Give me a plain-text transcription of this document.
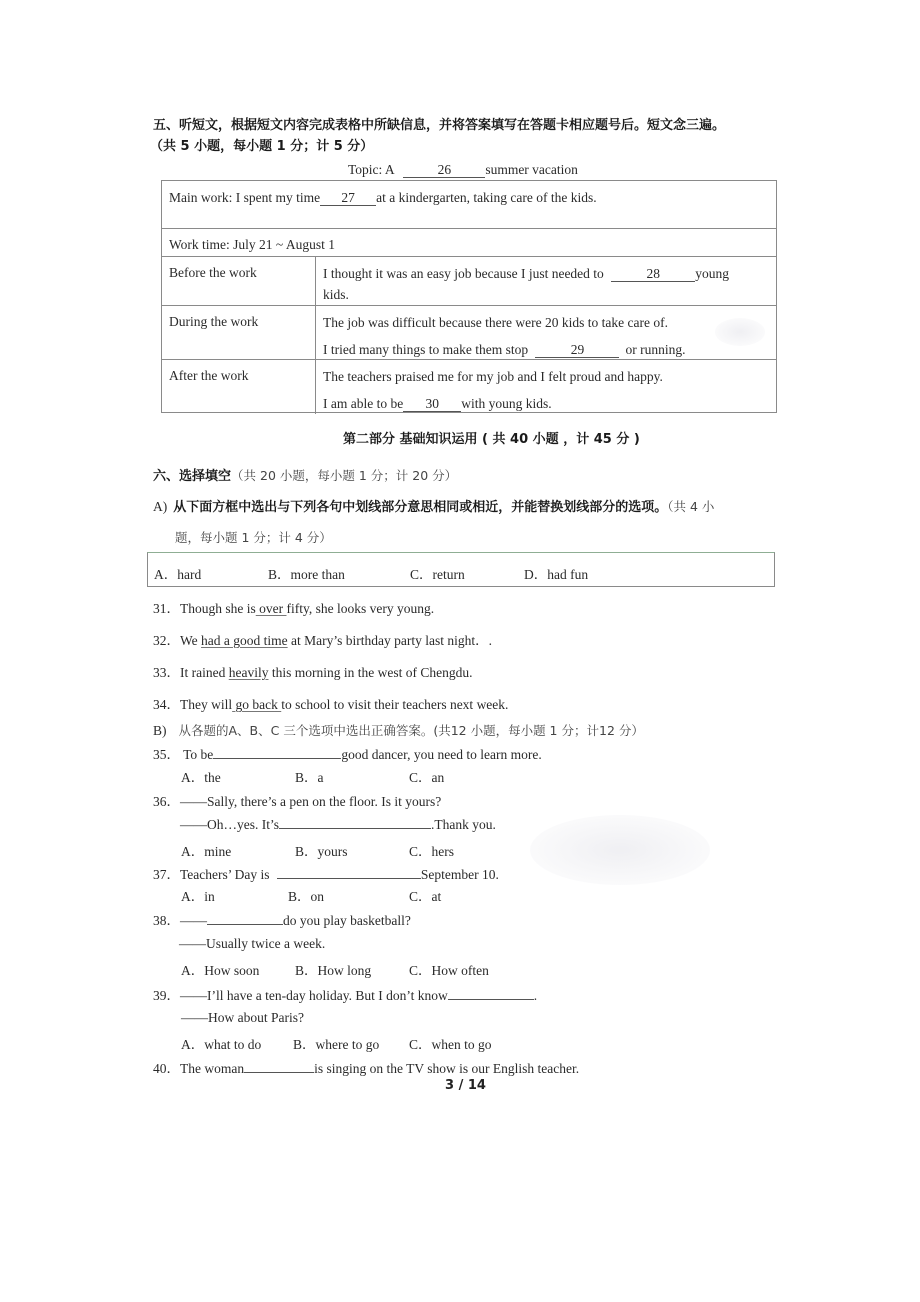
五、听短文，根据短文内容完成表格中所缺信息，并将答案填写在答题卡相应题号后。短文念三遍。
（共 5 小题，每小题 1 分；计 5 分）
Topic: A	26	summer vacation
Main work: I spent my time 27 at a kindergarten, taking care of the kids.
Work time: July 21 ~ August 1
Before the work	I thought it was an easy job because I just needed to	28	young
kids.
During the work	The job was difficult because there were 20 kids to take care of.
I tried many things to make them stop	29	or running.
After the work	The teachers praised me for my job and I felt proud and happy.
I am able to be 30 with young kids.
第二部分 基础知识运用 ( 共 40 小题 ，计 45 分 )
六、选择填空（共 20 小题，每小题 1 分；计 20 分）
A) 从下面方框中选出与下列各句中划线部分意思相同或相近，并能替换划线部分的选项。（共 4 小
题，每小题 1 分；计 4 分）
A．hard	B．more than	C．return	D．had fun
31．Though she is over fifty, she looks very young.
32．We had a good time at Mary’s birthday party last night．.
33．It rained heavily this morning in the west of Chengdu.
34．They will go back to school to visit their teachers next week.
B) 从各题的A、B、C 三个选项中选出正确答案。(共12 小题，每小题 1 分；计12 分）
35． To be	good dancer, you need to learn more.
A．the	B．a	C．an
36．——Sally, there’s a pen on the floor. Is it yours?
——Oh…yes. It’s	.Thank you.
A．mine	B．yours	C．hers
37．Teachers’ Day is	September 10.
A．in	B．on	C．at
38．——	do you play basketball?
——Usually twice a week.
A．How soon	B．How long	C．How often
39．——I’ll have a ten-day holiday. But I don’t know	.
——How about Paris?
A．what to do B．where to go C．when to go
40．The woman	is singing on the TV show is our English teacher.
3 / 14
